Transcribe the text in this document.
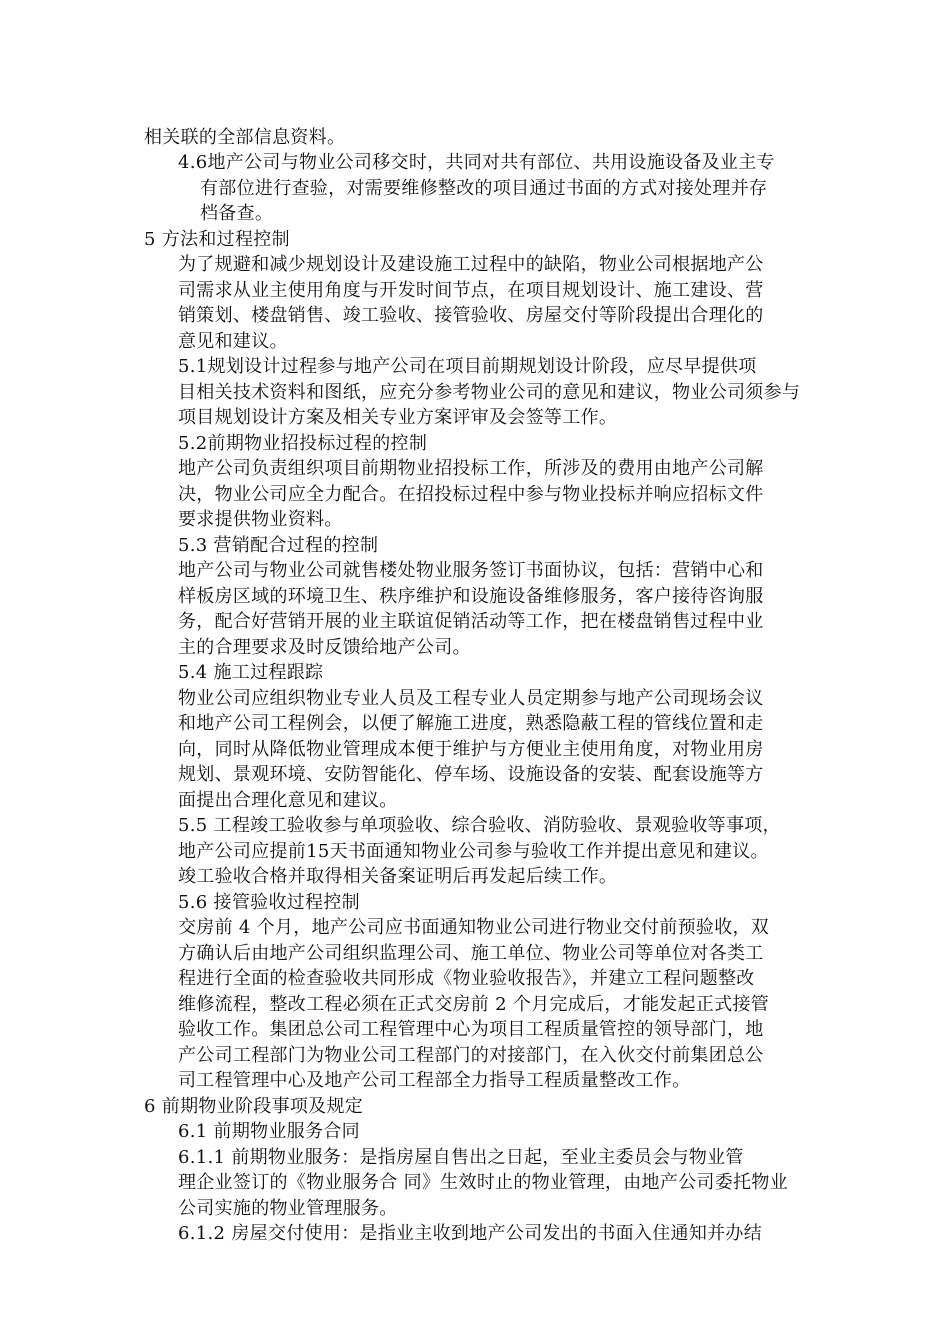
相关联的全部信息资料。
4.6地产公司与物业公司移交时，共同对共有部位、共用设施设备及业主专
有部位进行查验，对需要维修整改的项目通过书面的方式对接处理并存
档备查。
5 方法和过程控制
为了规避和减少规划设计及建设施工过程中的缺陷，物业公司根据地产公
司需求从业主使用角度与开发时间节点，在项目规划设计、施工建设、营
销策划、楼盘销售、竣工验收、接管验收、房屋交付等阶段提出合理化的
意见和建议。
5.1规划设计过程参与地产公司在项目前期规划设计阶段，应尽早提供项
目相关技术资料和图纸，应充分参考物业公司的意见和建议，物业公司须参与
项目规划设计方案及相关专业方案评审及会签等工作。
5.2前期物业招投标过程的控制
地产公司负责组织项目前期物业招投标工作，所涉及的费用由地产公司解
决，物业公司应全力配合。在招投标过程中参与物业投标并响应招标文件
要求提供物业资料。
5.3 营销配合过程的控制
地产公司与物业公司就售楼处物业服务签订书面协议，包括：营销中心和
样板房区域的环境卫生、秩序维护和设施设备维修服务，客户接待咨询服
务，配合好营销开展的业主联谊促销活动等工作，把在楼盘销售过程中业
主的合理要求及时反馈给地产公司。
5.4 施工过程跟踪
物业公司应组织物业专业人员及工程专业人员定期参与地产公司现场会议
和地产公司工程例会，以便了解施工进度，熟悉隐蔽工程的管线位置和走
向，同时从降低物业管理成本便于维护与方便业主使用角度，对物业用房
规划、景观环境、安防智能化、停车场、设施设备的安装、配套设施等方
面提出合理化意见和建议。
5.5 工程竣工验收参与单项验收、综合验收、消防验收、景观验收等事项，
地产公司应提前15天书面通知物业公司参与验收工作并提出意见和建议。
竣工验收合格并取得相关备案证明后再发起后续工作。
5.6 接管验收过程控制
交房前 4 个月，地产公司应书面通知物业公司进行物业交付前预验收，双
方确认后由地产公司组织监理公司、施工单位、物业公司等单位对各类工
程进行全面的检查验收共同形成《物业验收报告》，并建立工程问题整改
维修流程，整改工程必须在正式交房前 2 个月完成后，才能发起正式接管
验收工作。集团总公司工程管理中心为项目工程质量管控的领导部门，地
产公司工程部门为物业公司工程部门的对接部门，在入伙交付前集团总公
司工程管理中心及地产公司工程部全力指导工程质量整改工作。
6 前期物业阶段事项及规定
6.1 前期物业服务合同
6.1.1 前期物业服务：是指房屋自售出之日起，至业主委员会与物业管
理企业签订的《物业服务合 同》生效时止的物业管理，由地产公司委托物业
公司实施的物业管理服务。
6.1.2 房屋交付使用：是指业主收到地产公司发出的书面入住通知并办结
